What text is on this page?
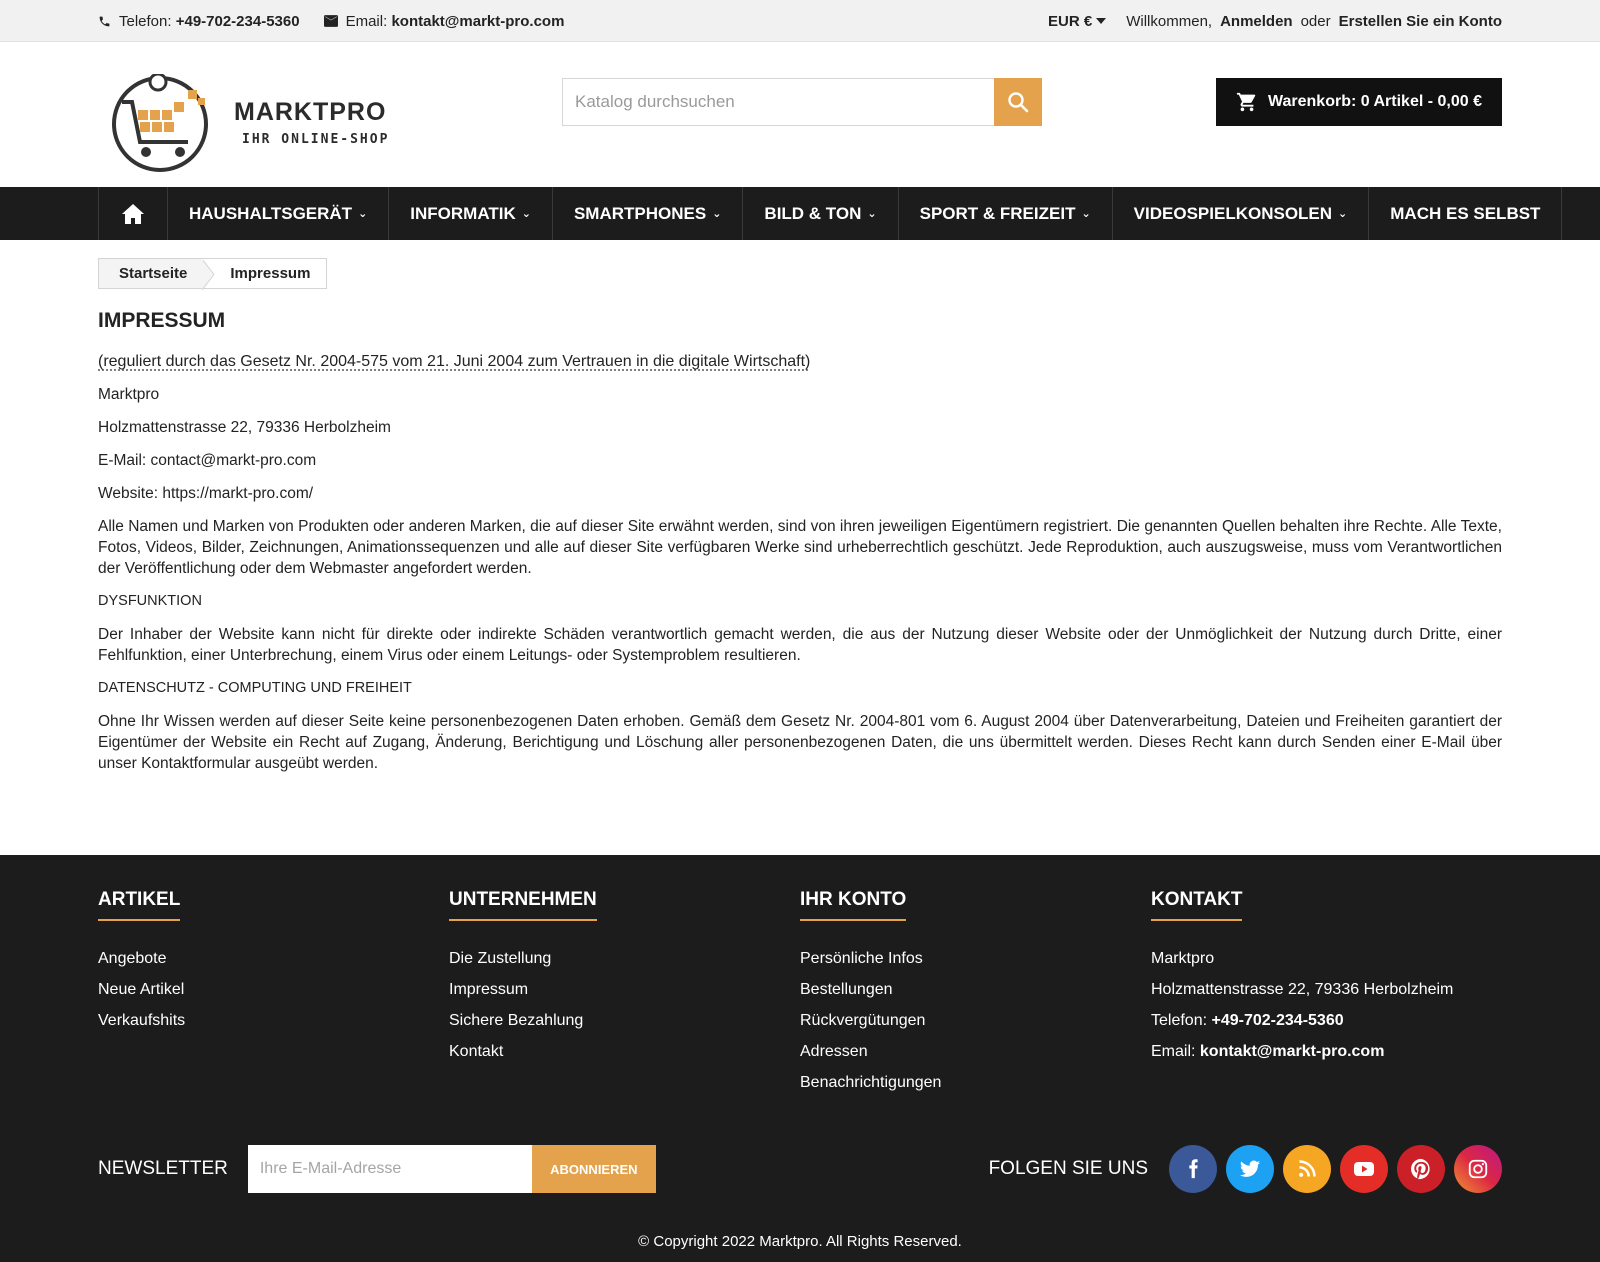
Telefon:
+49-702-234-5360	Email:
kontakt@markt-pro.com	EUR € Willkommen, Anmelden oder Erstellen Sie ein Konto
MARKTPRO
IHR ONLINE-SHOP
Katalog durchsuchen
Warenkorb: 0 Artikel - 0,00 €
HAUSHALTSGERÄT ⌄	INFORMATIK ⌄	SMARTPHONES ⌄	BILD & TON ⌄	SPORT & FREIZEIT ⌄	VIDEOSPIELKONSOLEN ⌄	MACH ES SELBST
Startseite	Impressum
IMPRESSUM

(reguliert durch das Gesetz Nr. 2004-575 vom 21. Juni 2004 zum Vertrauen in die digitale Wirtschaft)

Marktpro

Holzmattenstrasse 22, 79336 Herbolzheim

E-Mail: contact@markt-pro.com

Website: https://markt-pro.com/

Alle Namen und Marken von Produkten oder anderen Marken, die auf dieser Site erwähnt werden, sind von ihren jeweiligen Eigentümern registriert. Die genannten Quellen behalten ihre Rechte. Alle Texte, Fotos, Videos, Bilder, Zeichnungen, Animationssequenzen und alle auf dieser Site verfügbaren Werke sind urheberrechtlich geschützt. Jede Reproduktion, auch auszugsweise, muss vom Verantwortlichen der Veröffentlichung oder dem Webmaster angefordert werden.

DYSFUNKTION

Der Inhaber der Website kann nicht für direkte oder indirekte Schäden verantwortlich gemacht werden, die aus der Nutzung dieser Website oder der Unmöglichkeit der Nutzung durch Dritte, einer Fehlfunktion, einer Unterbrechung, einem Virus oder einem Leitungs- oder Systemproblem resultieren.

DATENSCHUTZ - COMPUTING UND FREIHEIT

Ohne Ihr Wissen werden auf dieser Seite keine personenbezogenen Daten erhoben. Gemäß dem Gesetz Nr. 2004-801 vom 6. August 2004 über Datenverarbeitung, Dateien und Freiheiten garantiert der Eigentümer der Website ein Recht auf Zugang, Änderung, Berichtigung und Löschung aller personenbezogenen Daten, die uns übermittelt werden. Dieses Recht kann durch Senden einer E-Mail über unser Kontaktformular ausgeübt werden.

ARTIKEL
Angebote
Neue Artikel
Verkaufshits
UNTERNEHMEN
Die Zustellung
Impressum
Sichere Bezahlung
Kontakt
IHR KONTO
Persönliche Infos
Bestellungen
Rückvergütungen
Adressen
Benachrichtigungen
KONTAKT
Marktpro
Holzmattenstrasse 22, 79336 Herbolzheim
Telefon: +49-702-234-5360
Email: kontakt@markt-pro.com
NEWSLETTER
Ihre E-Mail-Adresse	ABONNIEREN	FOLGEN SIE UNS
© Copyright 2022 Marktpro. All Rights Reserved.
